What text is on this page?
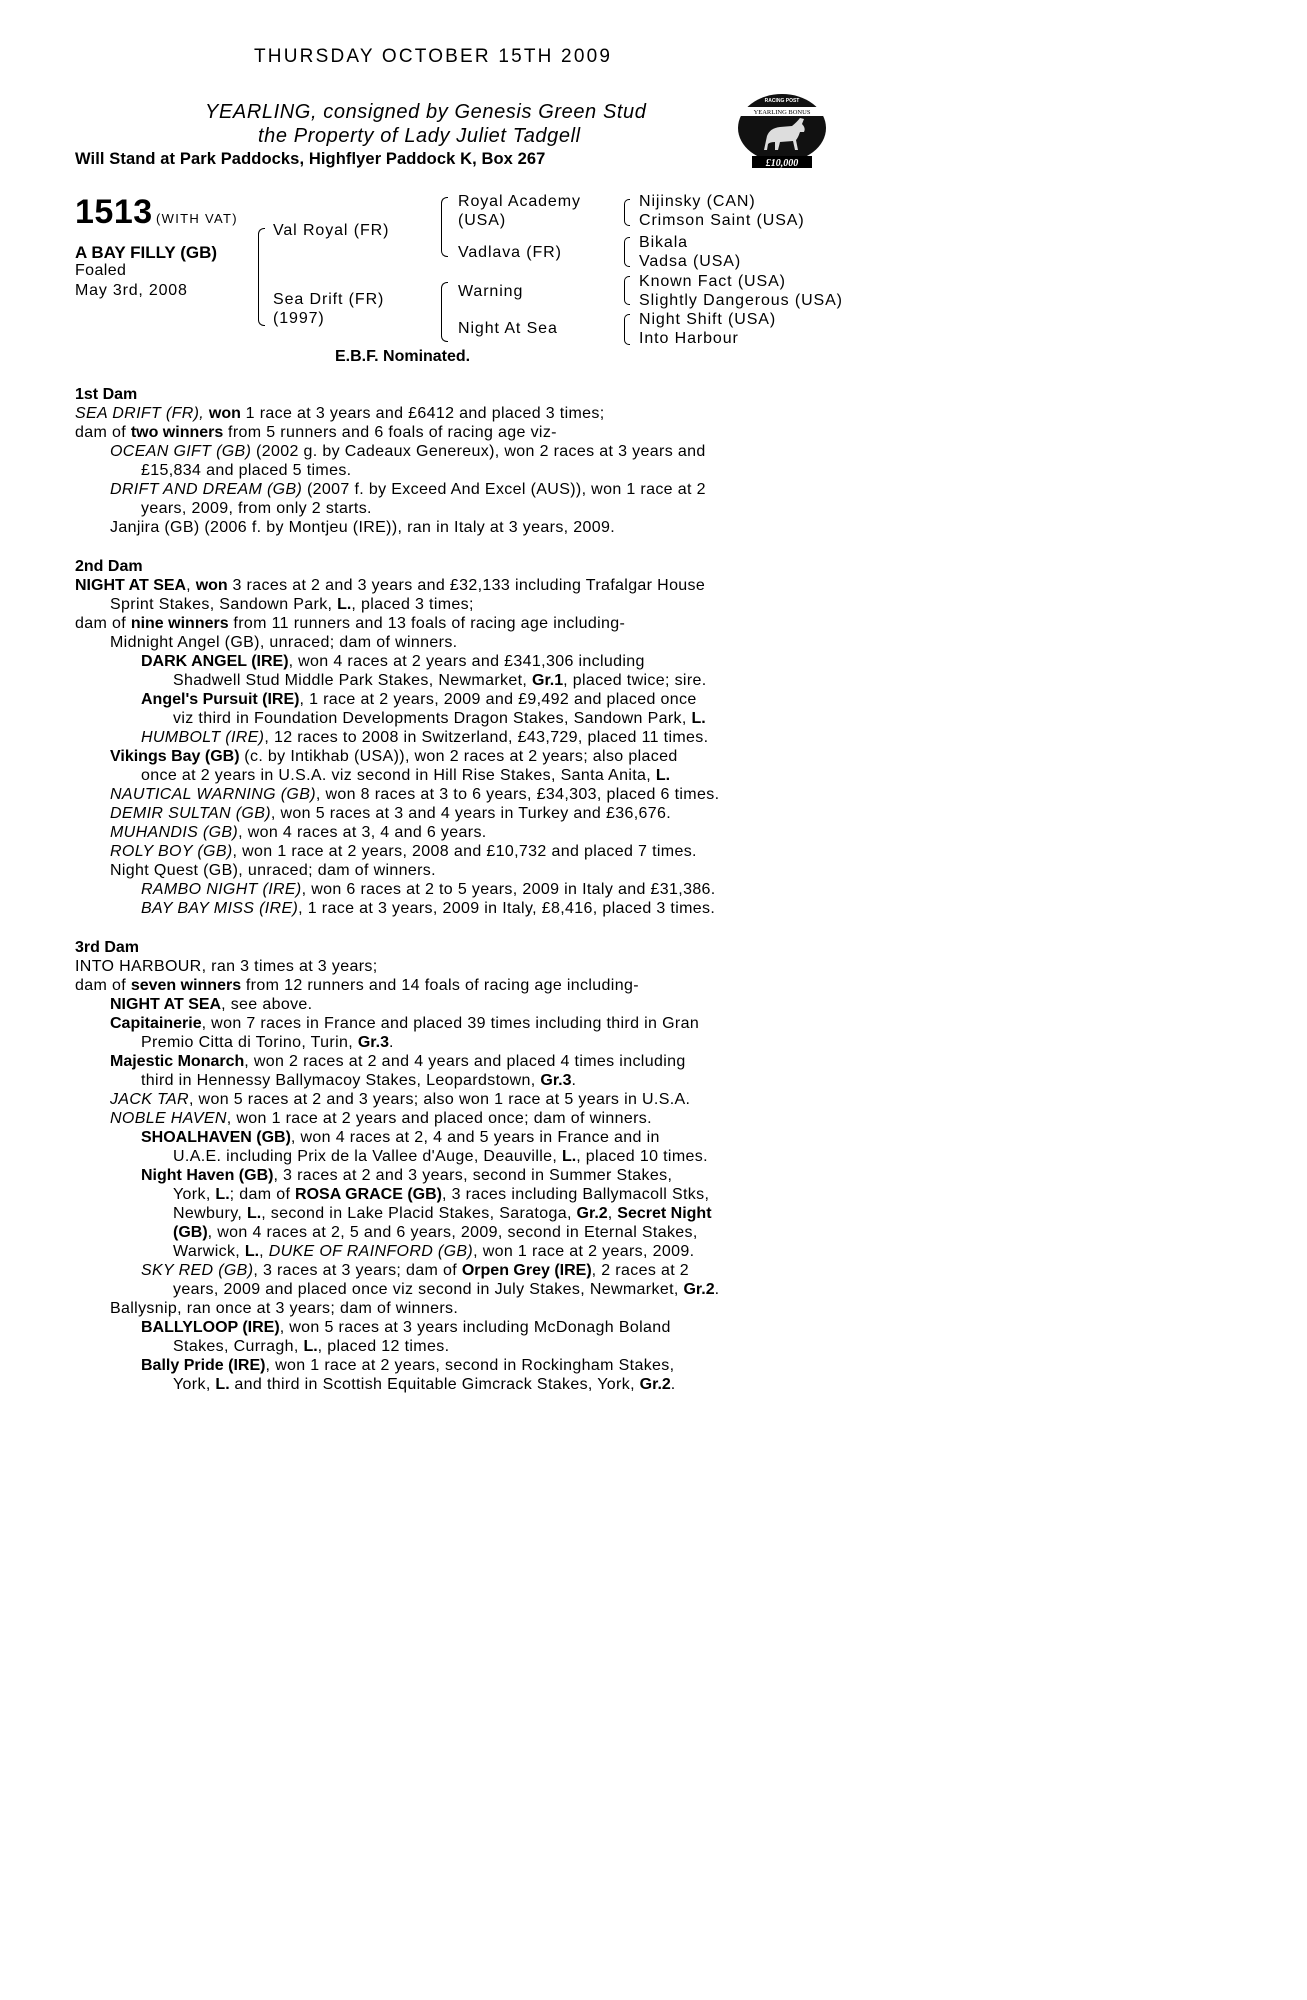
THURSDAY OCTOBER 15TH 2009
YEARLING, consigned by Genesis Green Stud
the Property of Lady Juliet Tadgell
Will Stand at Park Paddocks, Highflyer Paddock K, Box 267
RACING POST
YEARLING BONUS
£10,000
1513 (WITH VAT)
A BAY FILLY (GB)
Foaled
May 3rd, 2008
Val Royal (FR)
Sea Drift (FR)
(1997)
Royal Academy
(USA)
Vadlava (FR)
Warning
Night At Sea
Nijinsky (CAN)
Crimson Saint (USA)
Bikala
Vadsa (USA)
Known Fact (USA)
Slightly Dangerous (USA)
Night Shift (USA)
Into Harbour
E.B.F. Nominated.
1st Dam
SEA DRIFT (FR), won 1 race at 3 years and £6412 and placed 3 times;
dam of two winners from 5 runners and 6 foals of racing age viz-
OCEAN GIFT (GB) (2002 g. by Cadeaux Genereux), won 2 races at 3 years and
£15,834 and placed 5 times.
DRIFT AND DREAM (GB) (2007 f. by Exceed And Excel (AUS)), won 1 race at 2
years, 2009, from only 2 starts.
Janjira (GB) (2006 f. by Montjeu (IRE)), ran in Italy at 3 years, 2009.
2nd Dam
NIGHT AT SEA, won 3 races at 2 and 3 years and £32,133 including Trafalgar House
Sprint Stakes, Sandown Park, L., placed 3 times;
dam of nine winners from 11 runners and 13 foals of racing age including-
Midnight Angel (GB), unraced; dam of winners.
DARK ANGEL (IRE), won 4 races at 2 years and £341,306 including
Shadwell Stud Middle Park Stakes, Newmarket, Gr.1, placed twice; sire.
Angel's Pursuit (IRE), 1 race at 2 years, 2009 and £9,492 and placed once
viz third in Foundation Developments Dragon Stakes, Sandown Park, L.
HUMBOLT (IRE), 12 races to 2008 in Switzerland, £43,729, placed 11 times.
Vikings Bay (GB) (c. by Intikhab (USA)), won 2 races at 2 years; also placed
once at 2 years in U.S.A. viz second in Hill Rise Stakes, Santa Anita, L.
NAUTICAL WARNING (GB), won 8 races at 3 to 6 years, £34,303, placed 6 times.
DEMIR SULTAN (GB), won 5 races at 3 and 4 years in Turkey and £36,676.
MUHANDIS (GB), won 4 races at 3, 4 and 6 years.
ROLY BOY (GB), won 1 race at 2 years, 2008 and £10,732 and placed 7 times.
Night Quest (GB), unraced; dam of winners.
RAMBO NIGHT (IRE), won 6 races at 2 to 5 years, 2009 in Italy and £31,386.
BAY BAY MISS (IRE), 1 race at 3 years, 2009 in Italy, £8,416, placed 3 times.
3rd Dam
INTO HARBOUR, ran 3 times at 3 years;
dam of seven winners from 12 runners and 14 foals of racing age including-
NIGHT AT SEA, see above.
Capitainerie, won 7 races in France and placed 39 times including third in Gran
Premio Citta di Torino, Turin, Gr.3.
Majestic Monarch, won 2 races at 2 and 4 years and placed 4 times including
third in Hennessy Ballymacoy Stakes, Leopardstown, Gr.3.
JACK TAR, won 5 races at 2 and 3 years; also won 1 race at 5 years in U.S.A.
NOBLE HAVEN, won 1 race at 2 years and placed once; dam of winners.
SHOALHAVEN (GB), won 4 races at 2, 4 and 5 years in France and in
U.A.E. including Prix de la Vallee d'Auge, Deauville, L., placed 10 times.
Night Haven (GB), 3 races at 2 and 3 years, second in Summer Stakes,
York, L.; dam of ROSA GRACE (GB), 3 races including Ballymacoll Stks,
Newbury, L., second in Lake Placid Stakes, Saratoga, Gr.2, Secret Night
(GB), won 4 races at 2, 5 and 6 years, 2009, second in Eternal Stakes,
Warwick, L., DUKE OF RAINFORD (GB), won 1 race at 2 years, 2009.
SKY RED (GB), 3 races at 3 years; dam of Orpen Grey (IRE), 2 races at 2
years, 2009 and placed once viz second in July Stakes, Newmarket, Gr.2.
Ballysnip, ran once at 3 years; dam of winners.
BALLYLOOP (IRE), won 5 races at 3 years including McDonagh Boland
Stakes, Curragh, L., placed 12 times.
Bally Pride (IRE), won 1 race at 2 years, second in Rockingham Stakes,
York, L. and third in Scottish Equitable Gimcrack Stakes, York, Gr.2.
